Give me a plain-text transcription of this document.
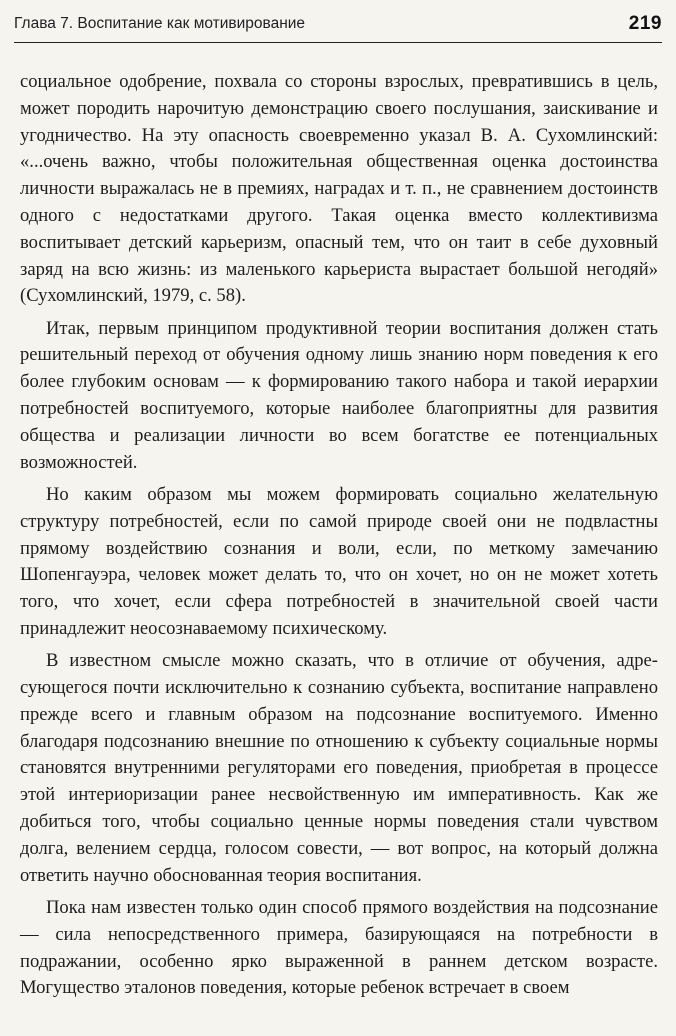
Глава 7. Воспитание как мотивирование	219

социальное одобрение, похвала со стороны взрослых, превратившись в цель, может породить нарочитую демонстрацию своего послушания, заискивание и угодничество. На эту опасность своевременно указал В. А. Сухомлинский: «...очень важно, чтобы положительная общественная оценка достоинства личности выражалась не в премиях, наградах и т. п., не сравнением достоинств одного с недостатками другого. Такая оценка вместо коллективизма воспитывает детский карьеризм, опасный тем, что он таит в себе духовный заряд на всю жизнь: из маленького карьериста вырастает большой негодяй» (Сухомлинский, 1979, с. 58).

Итак, первым принципом продуктивной теории воспитания должен стать решительный переход от обучения одному лишь знанию норм поведения к его более глубоким основам — к формированию такого набора и такой иерархии потребностей воспитуемого, которые наиболее благоприятны для развития общества и реализации личности во всем богатстве ее потенциальных возможностей.

Но каким образом мы можем формировать социально желательную структуру потребностей, если по самой природе своей они не подвластны прямому воздействию сознания и воли, если, по меткому замечанию Шопенгауэра, человек может делать то, что он хочет, но он не может хотеть того, что хочет, если сфера потребностей в значительной своей части принадлежит неосознаваемому психическому.

В известном смысле можно сказать, что в отличие от обучения, адресующегося почти исключительно к сознанию субъекта, воспитание направлено прежде всего и главным образом на подсознание воспитуемого. Именно благодаря подсознанию внешние по отношению к субъекту социальные нормы становятся внутренними регуляторами его поведения, приобретая в процессе этой интериоризации ранее несвойственную им императивность. Как же добиться того, чтобы социально ценные нормы поведения стали чувством долга, велением сердца, голосом совести, — вот вопрос, на который должна ответить научно обоснованная теория воспитания.

Пока нам известен только один способ прямого воздействия на подсознание — сила непосредственного примера, базирующаяся на потребности в подражании, особенно ярко выраженной в раннем детском возрасте. Могущество эталонов поведения, которые ребенок встречает в своем
